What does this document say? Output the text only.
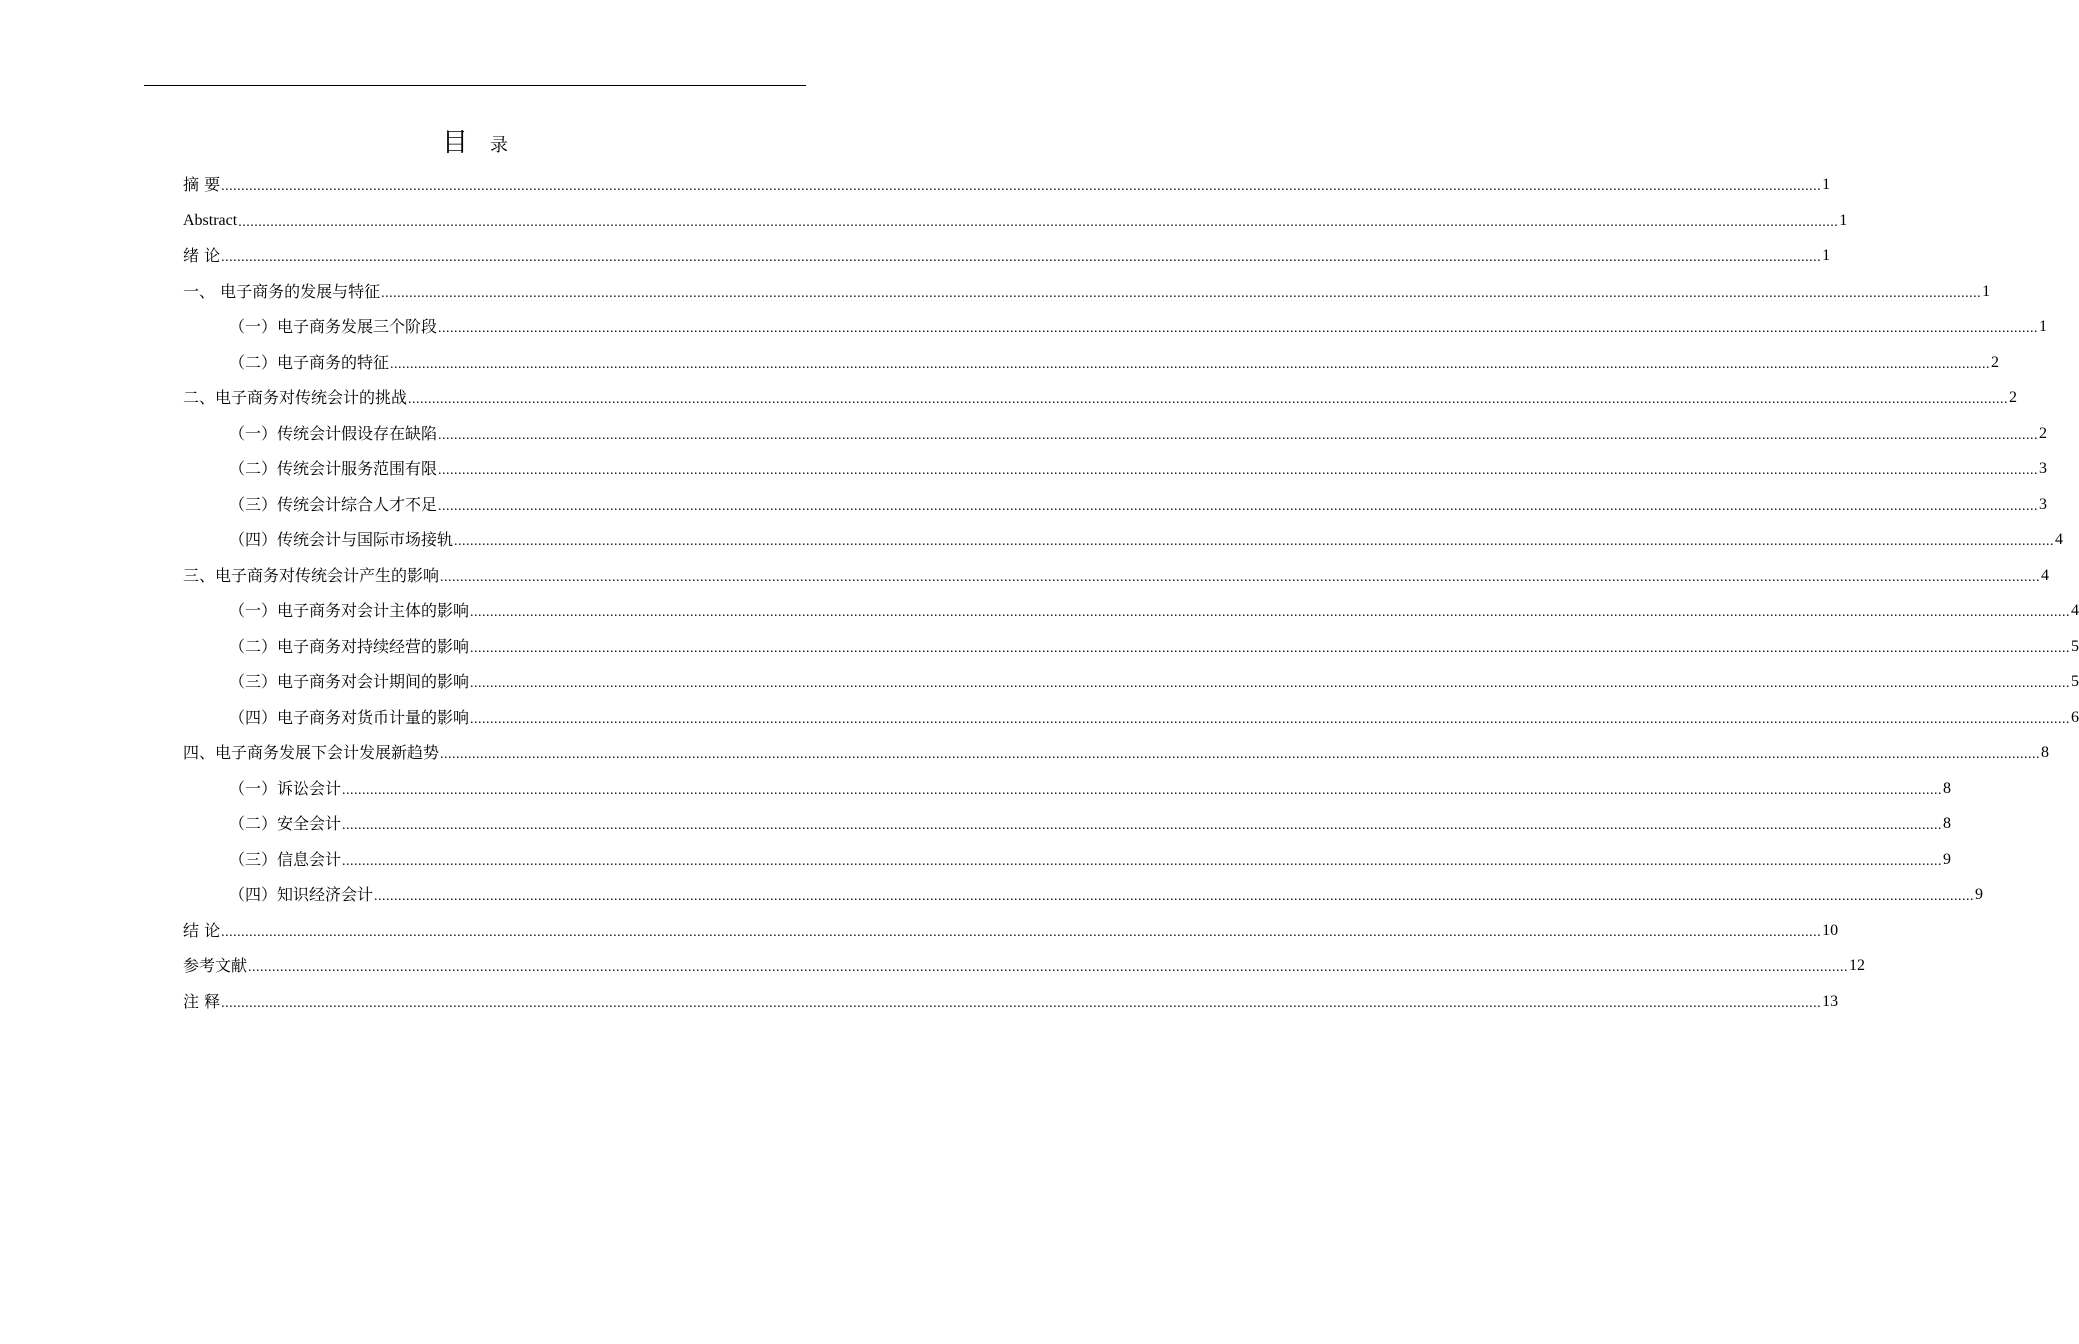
目 录
摘 要 ................................................................................................................................................................................................................................................................................................................................................................................................................ 1
Abstract ................................................................................................................................................................................................................................................................................................................................................................................................................ 1
绪 论 ................................................................................................................................................................................................................................................................................................................................................................................................................ 1
一、 电子商务的发展与特征 ................................................................................................................................................................................................................................................................................................................................................................................................................ 1
（一）电子商务发展三个阶段 ................................................................................................................................................................................................................................................................................................................................................................................................................ 1
（二）电子商务的特征 ................................................................................................................................................................................................................................................................................................................................................................................................................ 2
二、电子商务对传统会计的挑战 ................................................................................................................................................................................................................................................................................................................................................................................................................ 2
（一）传统会计假设存在缺陷 ................................................................................................................................................................................................................................................................................................................................................................................................................ 2
（二）传统会计服务范围有限 ................................................................................................................................................................................................................................................................................................................................................................................................................ 3
（三）传统会计综合人才不足 ................................................................................................................................................................................................................................................................................................................................................................................................................ 3
（四）传统会计与国际市场接轨 ................................................................................................................................................................................................................................................................................................................................................................................................................ 4
三、电子商务对传统会计产生的影响 ................................................................................................................................................................................................................................................................................................................................................................................................................ 4
（一）电子商务对会计主体的影响 ................................................................................................................................................................................................................................................................................................................................................................................................................ 4
（二）电子商务对持续经营的影响 ................................................................................................................................................................................................................................................................................................................................................................................................................ 5
（三）电子商务对会计期间的影响 ................................................................................................................................................................................................................................................................................................................................................................................................................ 5
（四）电子商务对货币计量的影响 ................................................................................................................................................................................................................................................................................................................................................................................................................ 6
四、电子商务发展下会计发展新趋势 ................................................................................................................................................................................................................................................................................................................................................................................................................ 8
（一）诉讼会计 ................................................................................................................................................................................................................................................................................................................................................................................................................ 8
（二）安全会计 ................................................................................................................................................................................................................................................................................................................................................................................................................ 8
（三）信息会计 ................................................................................................................................................................................................................................................................................................................................................................................................................ 9
（四）知识经济会计 ................................................................................................................................................................................................................................................................................................................................................................................................................ 9
结 论 ................................................................................................................................................................................................................................................................................................................................................................................................................ 10
参考文献 ................................................................................................................................................................................................................................................................................................................................................................................................................ 12
注 释 ................................................................................................................................................................................................................................................................................................................................................................................................................ 13
